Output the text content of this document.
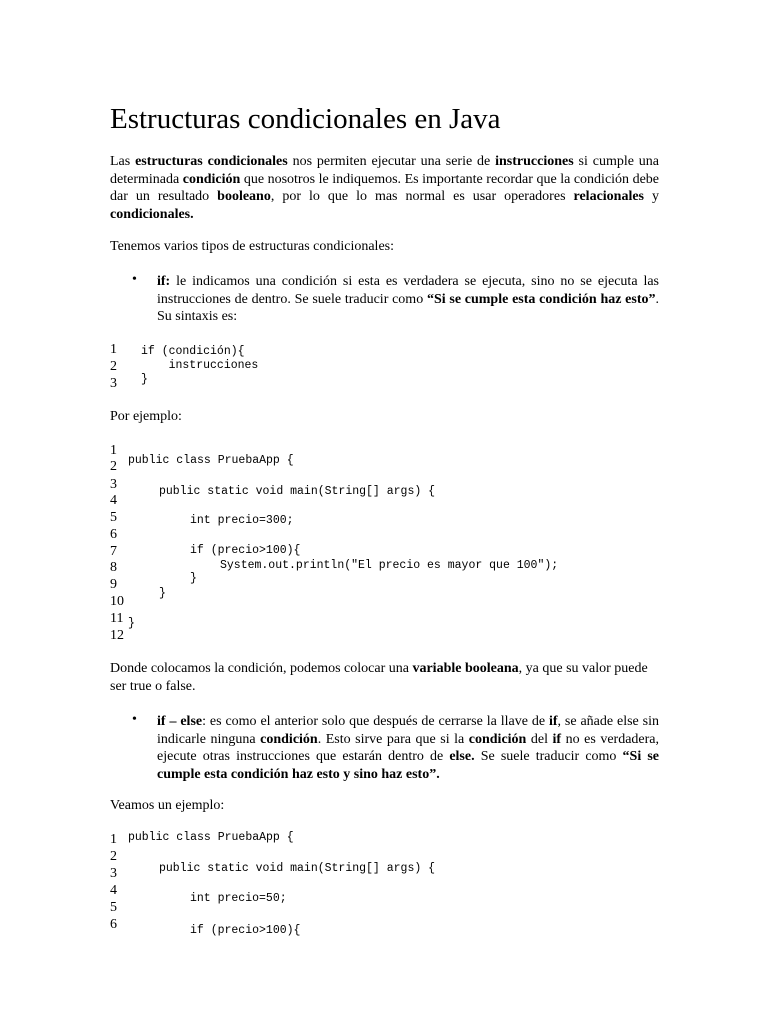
Estructuras condicionales en Java

Las estructuras condicionales nos permiten ejecutar una serie de instrucciones si cumple una determinada condición que nosotros le indiquemos. Es importante recordar que la condición debe dar un resultado booleano, por lo que lo mas normal es usar operadores relacionales y condicionales.

Tenemos varios tipos de estructuras condicionales:

• if: le indicamos una condición si esta es verdadera se ejecuta, sino no se ejecuta las instrucciones de dentro. Se suele traducir como “Si se cumple esta condición haz esto”. Su sintaxis es:

1
2
3
if (condición){
instrucciones
}

Por ejemplo:

1
2
3
4
5
6
7
8
9
10
11
12
public class PruebaApp {
public static void main(String[] args) {
int precio=300;
if (precio>100){
System.out.println("El precio es mayor que 100");
}
}
}

Donde colocamos la condición, podemos colocar una variable booleana, ya que su valor puede ser true o false.

• if – else: es como el anterior solo que después de cerrarse la llave de if, se añade else sin indicarle ninguna condición. Esto sirve para que si la condición del if no es verdadera, ejecute otras instrucciones que estarán dentro de else. Se suele traducir como “Si se cumple esta condición haz esto y sino haz esto”.

Veamos un ejemplo:

1
2
3
4
5
6
public class PruebaApp {
public static void main(String[] args) {
int precio=50;
if (precio>100){
